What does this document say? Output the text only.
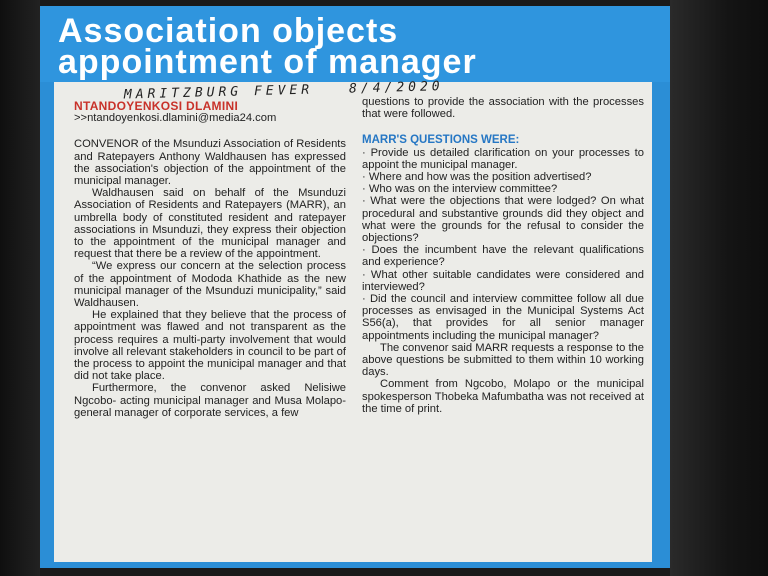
Association objects
appointment of manager
MARITZBURG FEVER	8/4/2020
NTANDOYENKOSI DLAMINI
>>ntandoyenkosi.dlamini@media24.com

CONVENOR of the Msunduzi Association of Residents and Ratepayers Anthony Waldhausen has expressed the association's objection of the appointment of the municipal manager.

Waldhausen said on behalf of the Msunduzi Association of Residents and Ratepayers (MARR), an umbrella body of constituted resident and ratepayer associations in Msunduzi, they express their objection to the appointment of the municipal manager and request that there be a review of the appointment.

“We express our concern at the selection process of the appointment of Mododa Khathide as the new municipal manager of the Msunduzi municipality,” said Waldhausen.

He explained that they believe that the process of appointment was flawed and not transparent as the process requires a multi-party involvement that would involve all relevant stakeholders in council to be part of the process to appoint the municipal manager and that did not take place.

Furthermore, the convenor asked Nelisiwe Ngcobo- acting municipal manager and Musa Molapo- general manager of corporate services, a few

questions to provide the association with the processes that were followed.

MARR'S QUESTIONS WERE:

· Provide us detailed clarification on your processes to appoint the municipal manager.

· Where and how was the position advertised?

· Who was on the interview committee?

· What were the objections that were lodged? On what procedural and substantive grounds did they object and what were the grounds for the refusal to consider the objections?

· Does the incumbent have the relevant qualifications and experience?

· What other suitable candidates were considered and interviewed?

· Did the council and interview committee follow all due processes as envisaged in the Municipal Systems Act S56(a), that provides for all senior manager appointments including the municipal manager?

The convenor said MARR requests a response to the above questions be submitted to them within 10 working days.

Comment from Ngcobo, Molapo or the municipal spokesperson Thobeka Mafumbatha was not received at the time of print.
